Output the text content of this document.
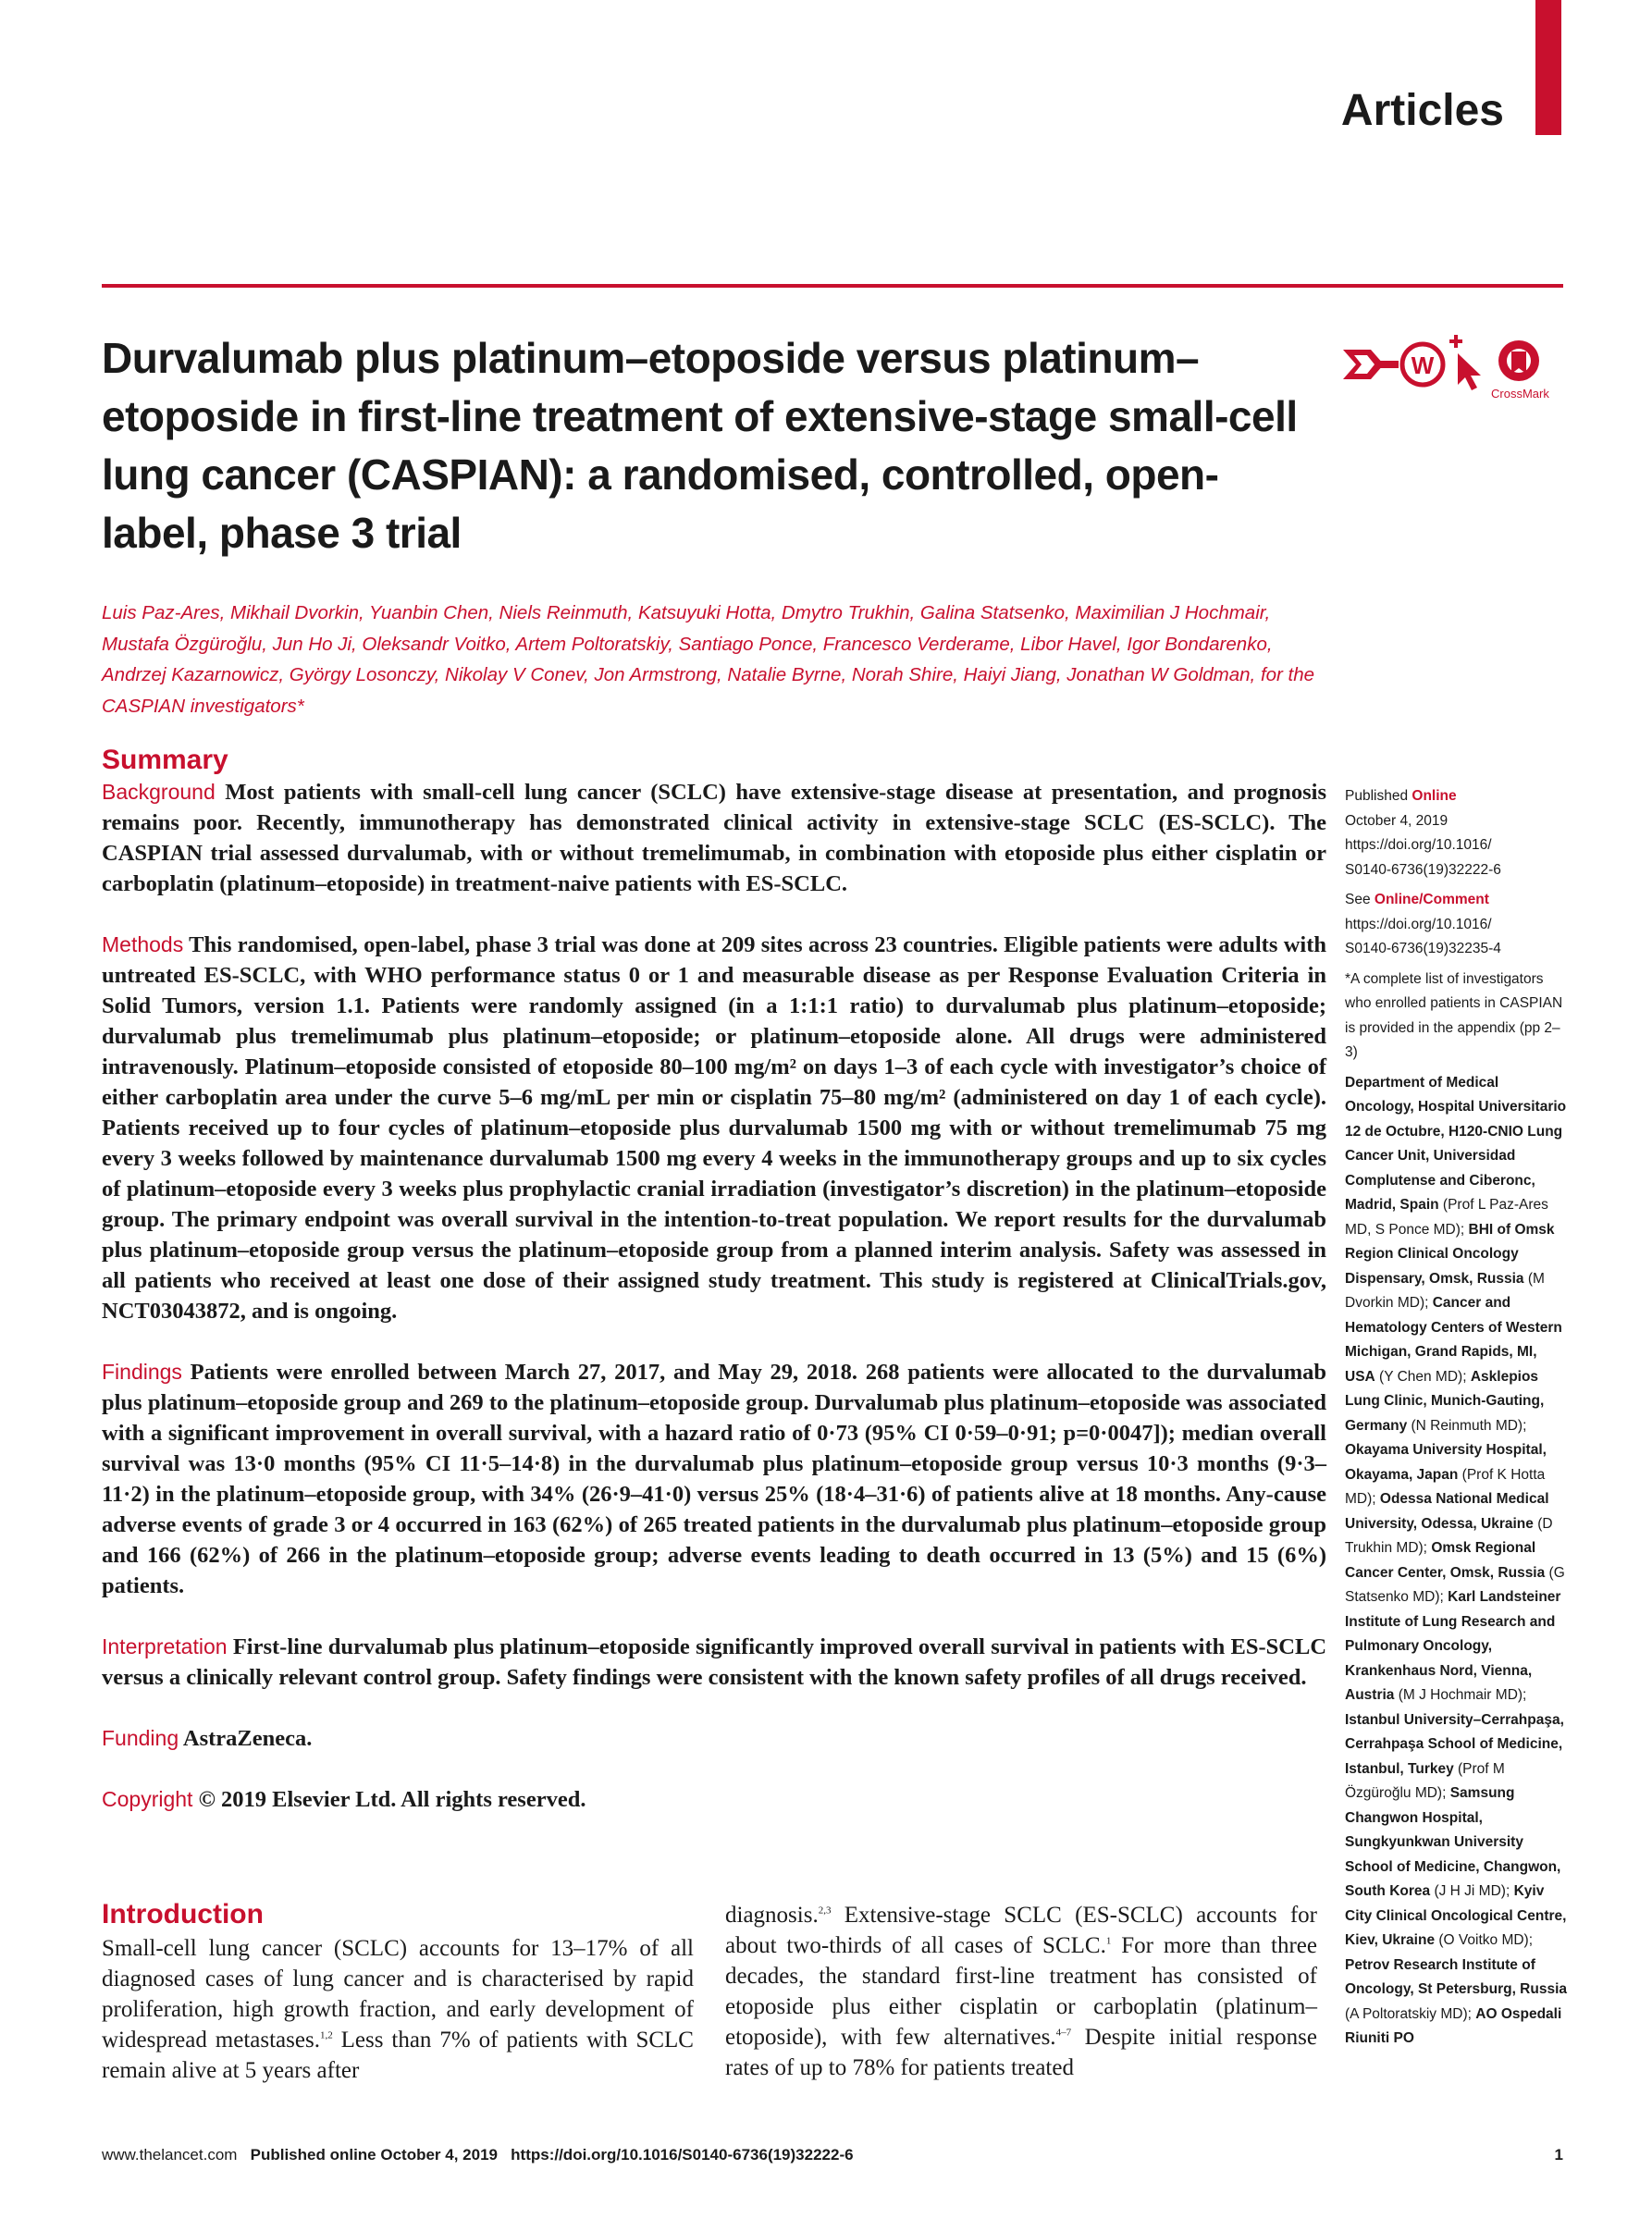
Articles
Durvalumab plus platinum–etoposide versus platinum–etoposide in first-line treatment of extensive-stage small-cell lung cancer (CASPIAN): a randomised, controlled, open-label, phase 3 trial
W
CrossMark

Luis Paz-Ares, Mikhail Dvorkin, Yuanbin Chen, Niels Reinmuth, Katsuyuki Hotta, Dmytro Trukhin, Galina Statsenko, Maximilian J Hochmair, Mustafa Özgüroğlu, Jun Ho Ji, Oleksandr Voitko, Artem Poltoratskiy, Santiago Ponce, Francesco Verderame, Libor Havel, Igor Bondarenko, Andrzej Kazarnowicz, György Losonczy, Nikolay V Conev, Jon Armstrong, Natalie Byrne, Norah Shire, Haiyi Jiang, Jonathan W Goldman, for the CASPIAN investigators*

Summary

Background Most patients with small-cell lung cancer (SCLC) have extensive-stage disease at presentation, and prognosis remains poor. Recently, immunotherapy has demonstrated clinical activity in extensive-stage SCLC (ES-SCLC). The CASPIAN trial assessed durvalumab, with or without tremelimumab, in combination with etoposide plus either cisplatin or carboplatin (platinum–etoposide) in treatment-naive patients with ES-SCLC.

Methods This randomised, open-label, phase 3 trial was done at 209 sites across 23 countries. Eligible patients were adults with untreated ES-SCLC, with WHO performance status 0 or 1 and measurable disease as per Response Evaluation Criteria in Solid Tumors, version 1.1. Patients were randomly assigned (in a 1:1:1 ratio) to durvalumab plus platinum–etoposide; durvalumab plus tremelimumab plus platinum–etoposide; or platinum–etoposide alone. All drugs were administered intravenously. Platinum–etoposide consisted of etoposide 80–100 mg/m² on days 1–3 of each cycle with investigator’s choice of either carboplatin area under the curve 5–6 mg/mL per min or cisplatin 75–80 mg/m² (administered on day 1 of each cycle). Patients received up to four cycles of platinum–etoposide plus durvalumab 1500 mg with or without tremelimumab 75 mg every 3 weeks followed by maintenance durvalumab 1500 mg every 4 weeks in the immunotherapy groups and up to six cycles of platinum–etoposide every 3 weeks plus prophylactic cranial irradiation (investigator’s discretion) in the platinum–etoposide group. The primary endpoint was overall survival in the intention-to-treat population. We report results for the durvalumab plus platinum–etoposide group versus the platinum–etoposide group from a planned interim analysis. Safety was assessed in all patients who received at least one dose of their assigned study treatment. This study is registered at ClinicalTrials.gov, NCT03043872, and is ongoing.

Findings Patients were enrolled between March 27, 2017, and May 29, 2018. 268 patients were allocated to the durvalumab plus platinum–etoposide group and 269 to the platinum–etoposide group. Durvalumab plus platinum–etoposide was associated with a significant improvement in overall survival, with a hazard ratio of 0·73 (95% CI 0·59–0·91; p=0·0047]); median overall survival was 13·0 months (95% CI 11·5–14·8) in the durvalumab plus platinum–etoposide group versus 10·3 months (9·3–11·2) in the platinum–etoposide group, with 34% (26·9–41·0) versus 25% (18·4–31·6) of patients alive at 18 months. Any-cause adverse events of grade 3 or 4 occurred in 163 (62%) of 265 treated patients in the durvalumab plus platinum–etoposide group and 166 (62%) of 266 in the platinum–etoposide group; adverse events leading to death occurred in 13 (5%) and 15 (6%) patients.

Interpretation First-line durvalumab plus platinum–etoposide significantly improved overall survival in patients with ES-SCLC versus a clinically relevant control group. Safety findings were consistent with the known safety profiles of all drugs received.

Funding AstraZeneca.

Copyright © 2019 Elsevier Ltd. All rights reserved.

Introduction

Small-cell lung cancer (SCLC) accounts for 13–17% of all diagnosed cases of lung cancer and is characterised by rapid proliferation, high growth fraction, and early development of widespread metastases.$^{1,2}$ Less than 7% of patients with SCLC remain alive at 5 years after

diagnosis.$^{2,3}$ Extensive-stage SCLC (ES-SCLC) accounts for about two-thirds of all cases of SCLC.$^1$ For more than three decades, the standard first-line treatment has consisted of etoposide plus either cisplatin or carboplatin (platinum–etoposide), with few alternatives.$^{4-7}$ Despite initial response rates of up to 78% for patients treated

Published Online
October 4, 2019
https://doi.org/10.1016/
S0140-6736(19)32222-6

See Online/Comment
https://doi.org/10.1016/
S0140-6736(19)32235-4

*A complete list of investigators who enrolled patients in CASPIAN is provided in the appendix (pp 2–3)

Department of Medical Oncology, Hospital Universitario 12 de Octubre, H120-CNIO Lung Cancer Unit, Universidad Complutense and Ciberonc, Madrid, Spain (Prof L Paz-Ares MD, S Ponce MD); BHI of Omsk Region Clinical Oncology Dispensary, Omsk, Russia (M Dvorkin MD); Cancer and Hematology Centers of Western Michigan, Grand Rapids, MI, USA (Y Chen MD); Asklepios Lung Clinic, Munich-Gauting, Germany (N Reinmuth MD); Okayama University Hospital, Okayama, Japan (Prof K Hotta MD); Odessa National Medical University, Odessa, Ukraine (D Trukhin MD); Omsk Regional Cancer Center, Omsk, Russia (G Statsenko MD); Karl Landsteiner Institute of Lung Research and Pulmonary Oncology, Krankenhaus Nord, Vienna, Austria (M J Hochmair MD); Istanbul University–Cerrahpaşa, Cerrahpaşa School of Medicine, Istanbul, Turkey (Prof M Özgüroğlu MD); Samsung Changwon Hospital, Sungkyunkwan University School of Medicine, Changwon, South Korea (J H Ji MD); Kyiv City Clinical Oncological Centre, Kiev, Ukraine (O Voitko MD); Petrov Research Institute of Oncology, St Petersburg, Russia (A Poltoratskiy MD); AO Ospedali Riuniti PO

www.thelancet.com Published online October 4, 2019 https://doi.org/10.1016/S0140-6736(19)32222-6	1
